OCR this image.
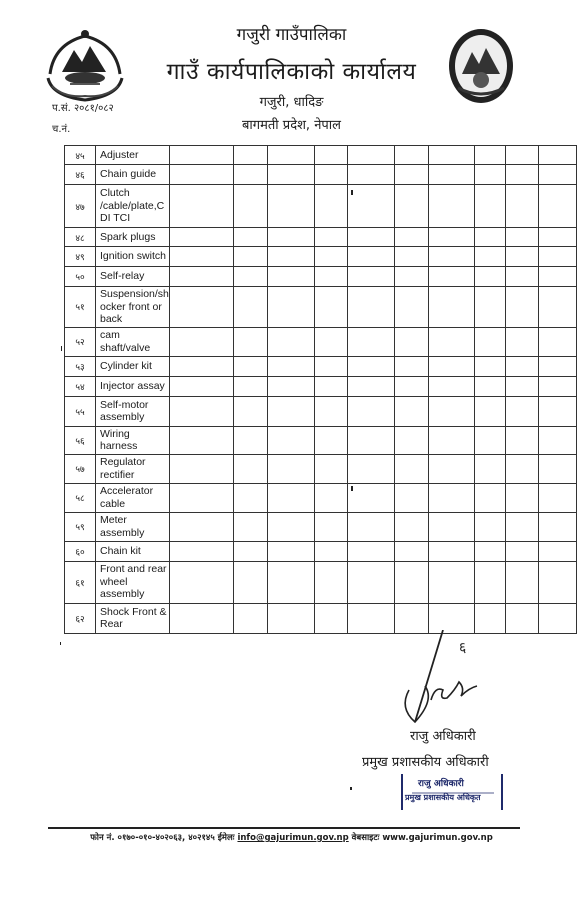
गजुरी गाउँपालिका
गाउँ कार्यपालिकाको कार्यालय
गजुरी, धादिङ
बागमती प्रदेश, नेपाल
प.सं. २०८१/०८२
च.नं.
४५	Adjuster										
४६	Chain guide										
४७	Clutch /cable/plate,C DI TCI										
४८	Spark plugs										
४९	Ignition switch										
५०	Self-relay										
५१	Suspension/sh ocker front or back										
५२	cam shaft/valve										
५३	Cylinder kit										
५४	Injector assay										
५५	Self-motor assembly										
५६	Wiring harness										
५७	Regulator rectifier										
५८	Accelerator cable										
५९	Meter assembly										
६०	Chain kit										
६१	Front and rear wheel assembly										
६२	Shock Front & Rear										
६
राजु अधिकारी
प्रमुख प्रशासकीय अधिकारी
राजु अधिकारी
प्रमुख प्रशासकीय अधिकृत
फोन नं. ०१७०-०१०-४०२०६३, ४०२१४५ ईमेलः info@gajurimun.gov.np वेबसाइटः www.gajurimun.gov.np
